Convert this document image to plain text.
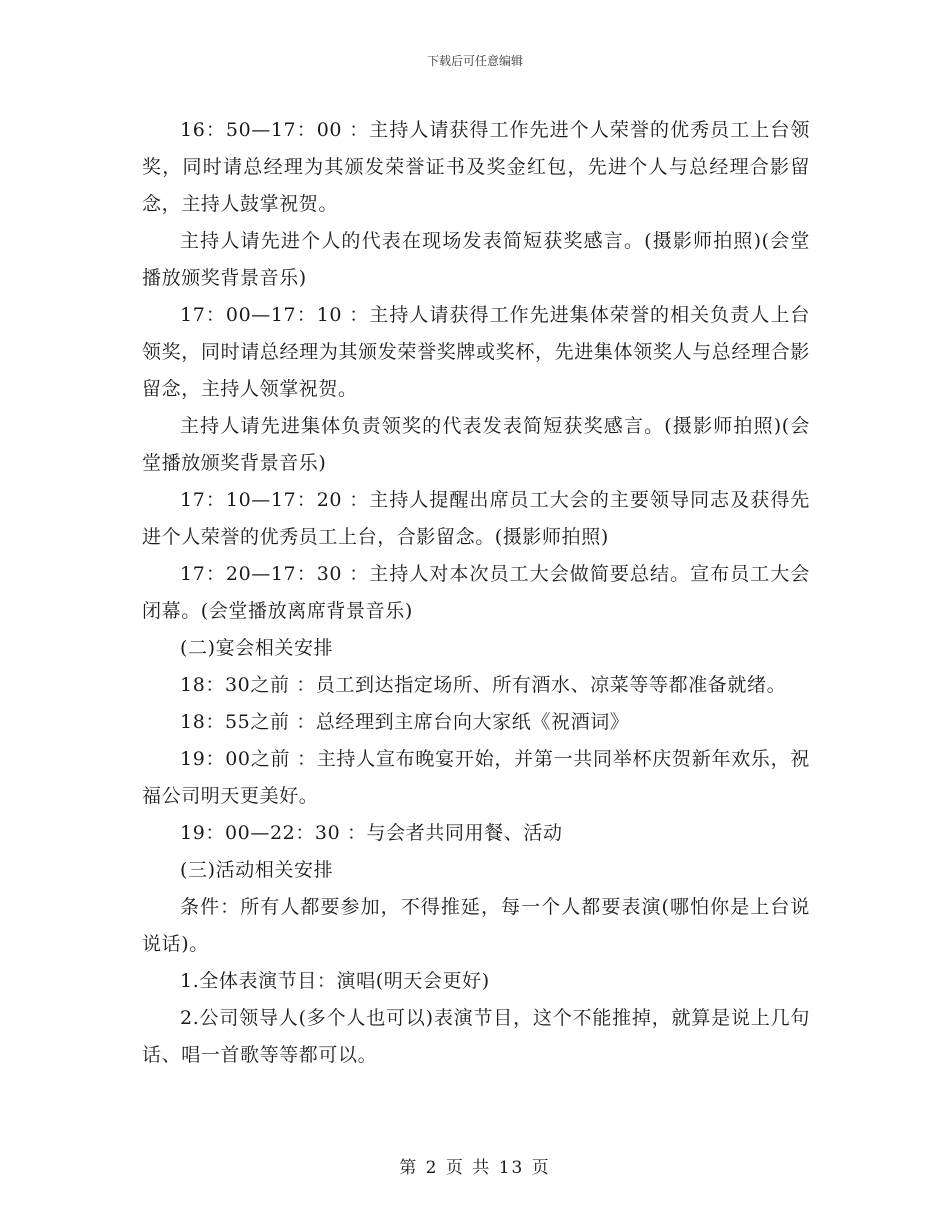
下载后可任意编辑

16：50—17：00 ：主持人请获得工作先进个人荣誉的优秀员工上台领奖，同时请总经理为其颁发荣誉证书及奖金红包，先进个人与总经理合影留念，主持人鼓掌祝贺。

主持人请先进个人的代表在现场发表简短获奖感言。(摄影师拍照)(会堂播放颁奖背景音乐)

17：00—17：10 ：主持人请获得工作先进集体荣誉的相关负责人上台领奖，同时请总经理为其颁发荣誉奖牌或奖杯，先进集体领奖人与总经理合影留念，主持人领掌祝贺。

主持人请先进集体负责领奖的代表发表简短获奖感言。(摄影师拍照)(会堂播放颁奖背景音乐)

17：10—17：20 ：主持人提醒出席员工大会的主要领导同志及获得先进个人荣誉的优秀员工上台，合影留念。(摄影师拍照)

17：20—17：30 ：主持人对本次员工大会做简要总结。宣布员工大会闭幕。(会堂播放离席背景音乐)

(二)宴会相关安排

18：30之前 ：员工到达指定场所、所有酒水、凉菜等等都准备就绪。

18：55之前 ：总经理到主席台向大家纸《祝酒词》

19：00之前 ：主持人宣布晚宴开始，并第一共同举杯庆贺新年欢乐，祝福公司明天更美好。

19：00—22：30 ：与会者共同用餐、活动

(三)活动相关安排

条件：所有人都要参加，不得推延，每一个人都要表演(哪怕你是上台说说话)。

1.全体表演节目：演唱(明天会更好)

2.公司领导人(多个人也可以)表演节目，这个不能推掉，就算是说上几句话、唱一首歌等等都可以。

第 2 页 共 13 页
